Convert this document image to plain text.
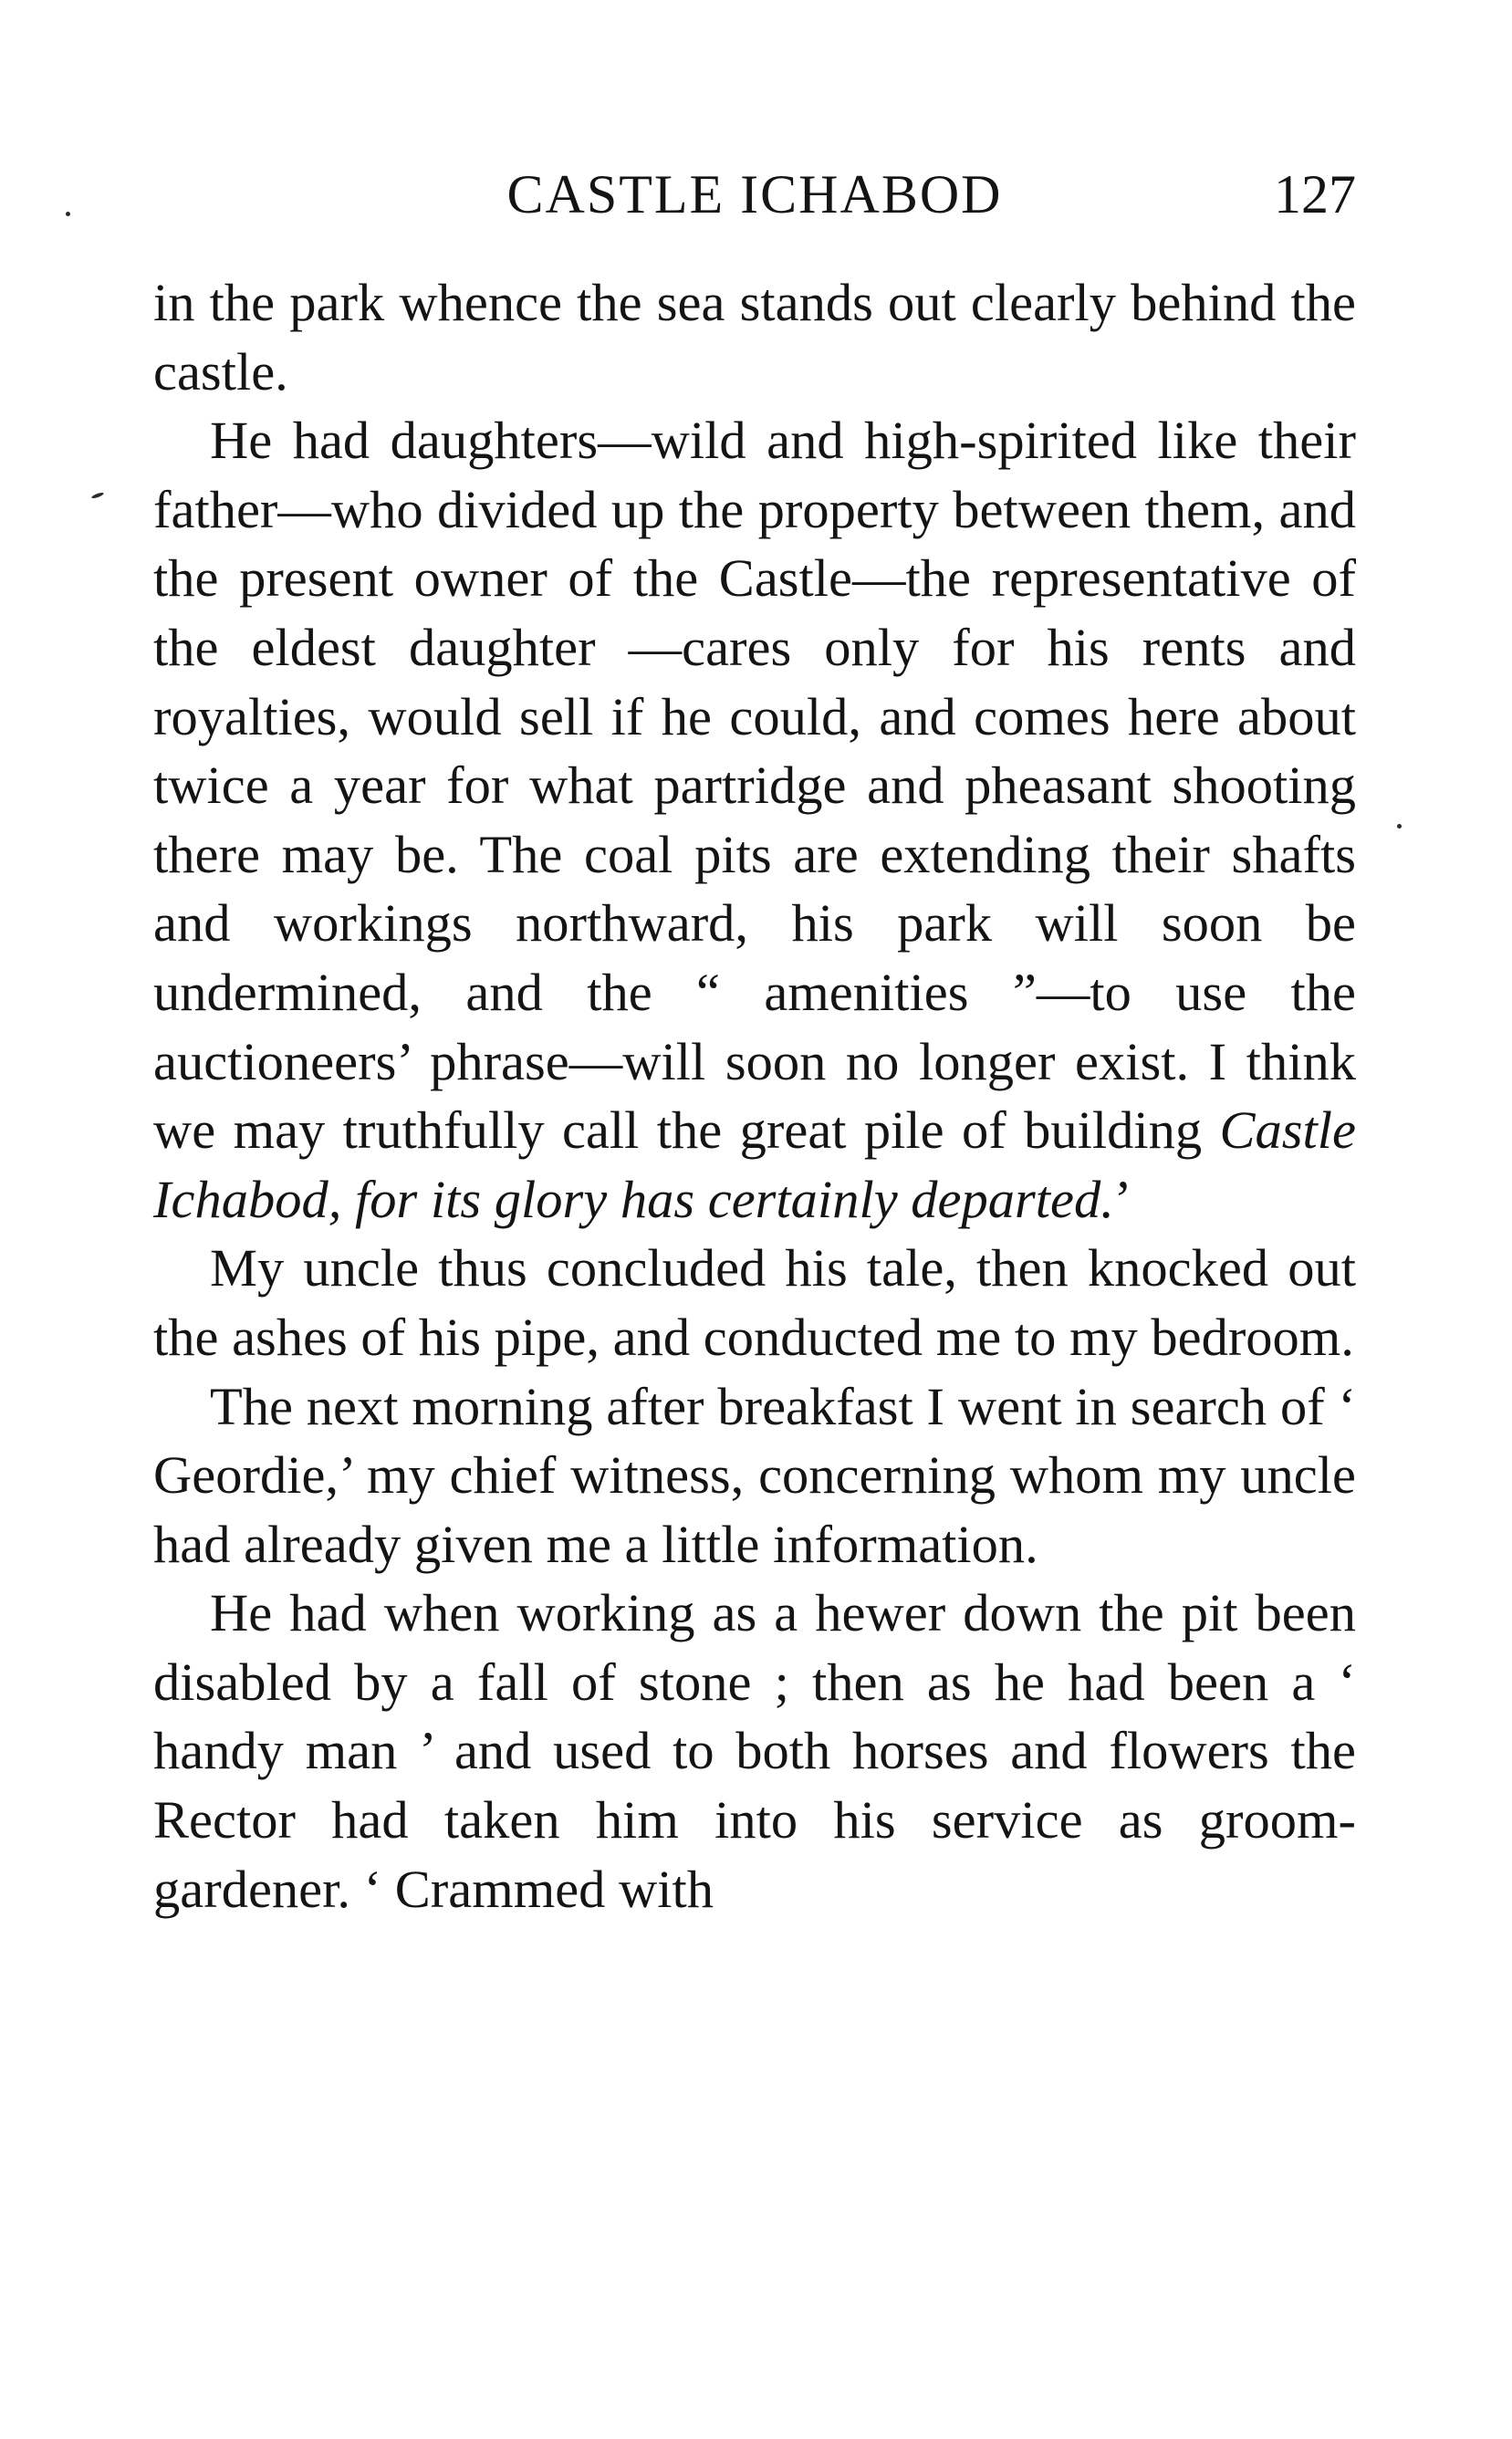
CASTLE ICHABOD	127

in the park whence the sea stands out clearly behind the castle.

He had daughters—wild and high-spirited like their father—who divided up the property between them, and the present owner of the Castle—the representative of the eldest daughter —cares only for his rents and royalties, would sell if he could, and comes here about twice a year for what partridge and pheasant shooting there may be. The coal pits are extending their shafts and workings northward, his park will soon be undermined, and the “ amenities ”—to use the auctioneers’ phrase—will soon no longer exist. I think we may truthfully call the great pile of building Castle Ichabod, for its glory has certainly departed.’

My uncle thus concluded his tale, then knocked out the ashes of his pipe, and conducted me to my bedroom.

The next morning after breakfast I went in search of ‘ Geordie,’ my chief witness, concerning whom my uncle had already given me a little information.

He had when working as a hewer down the pit been disabled by a fall of stone ; then as he had been a ‘ handy man ’ and used to both horses and flowers the Rector had taken him into his service as groom-gardener. ‘ Crammed with
